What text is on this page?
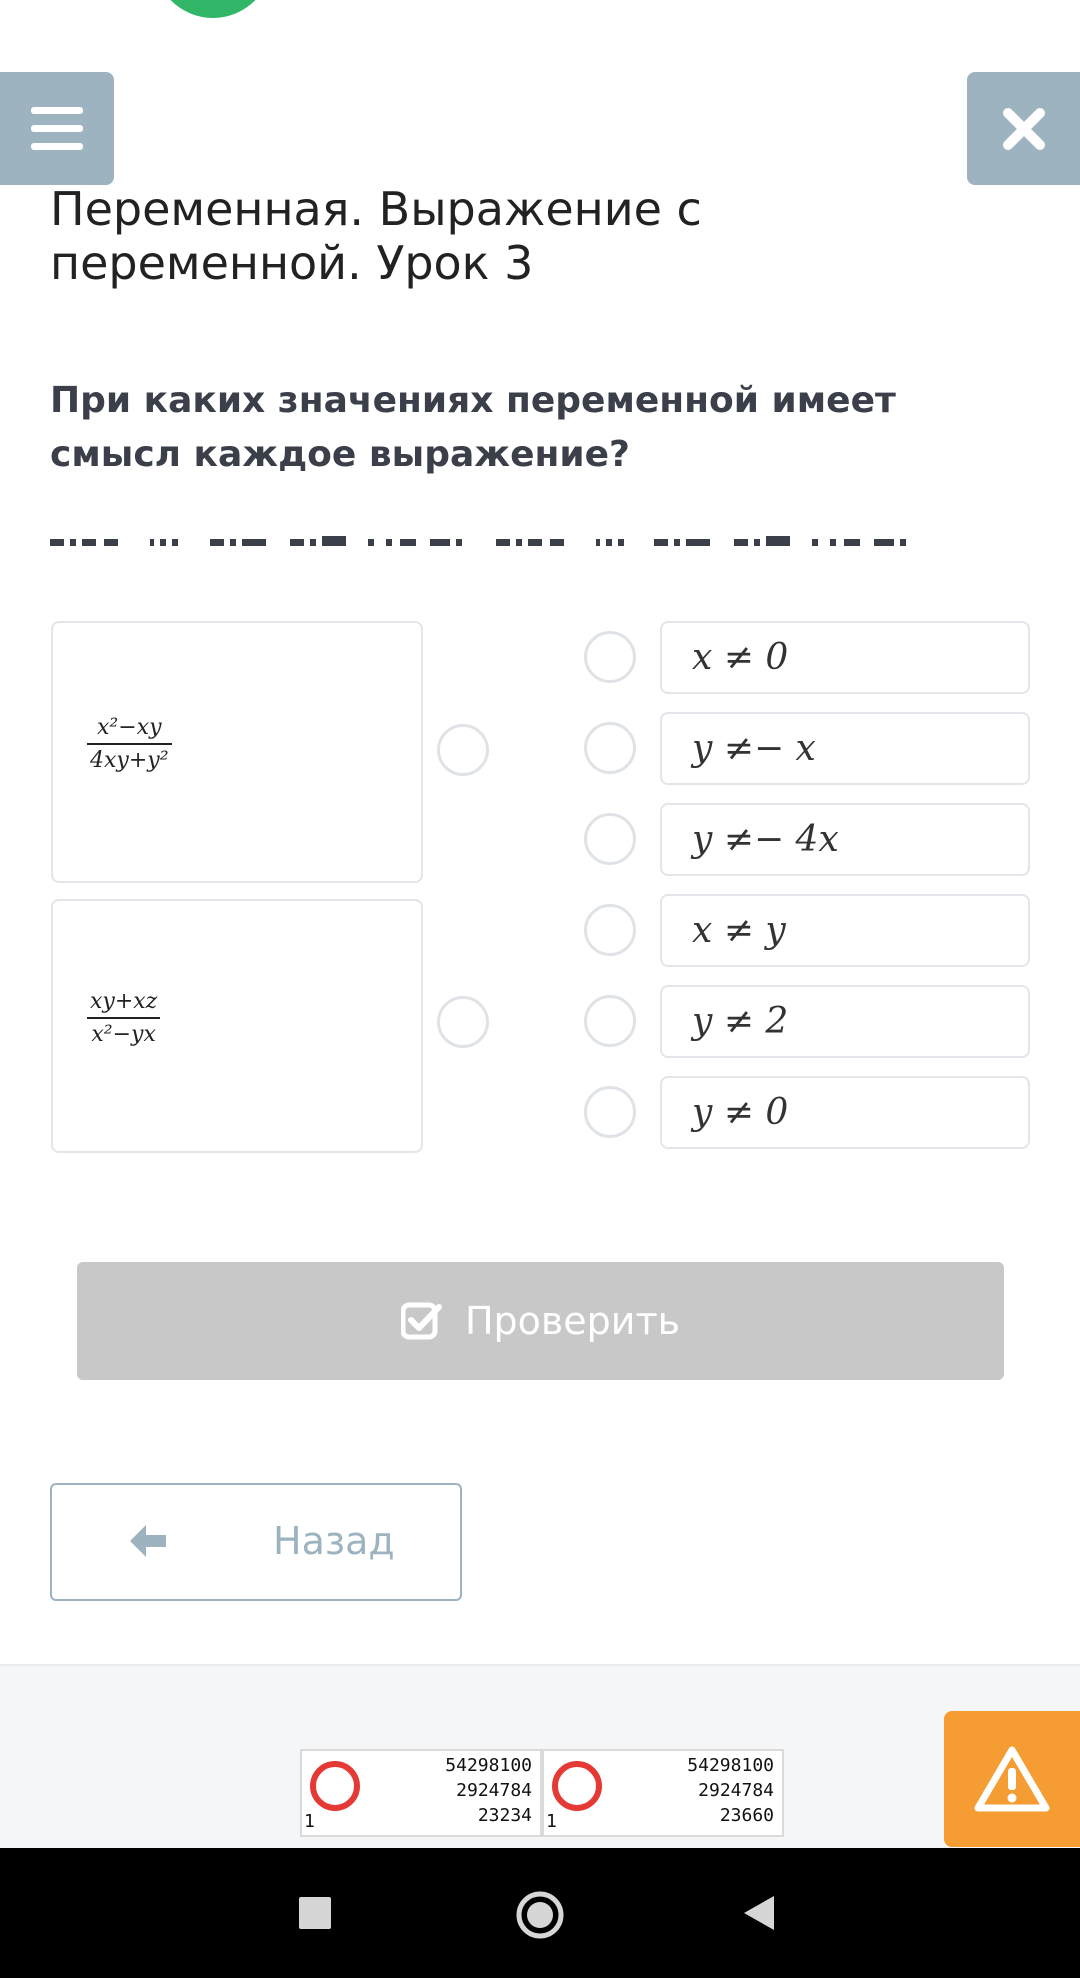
Переменная. Выражение с
переменной. Урок 3
При каких значениях переменной имеет
смысл каждое выражение?
x²−xy
4xy+y²
xy+xz
x²−yx
x ≠ 0
y ≠− x
y ≠− 4x
x ≠ y
y ≠ 2
y ≠ 0
Проверить
Назад
1
54298100
2924784
23234 1
54298100
2924784
23660
